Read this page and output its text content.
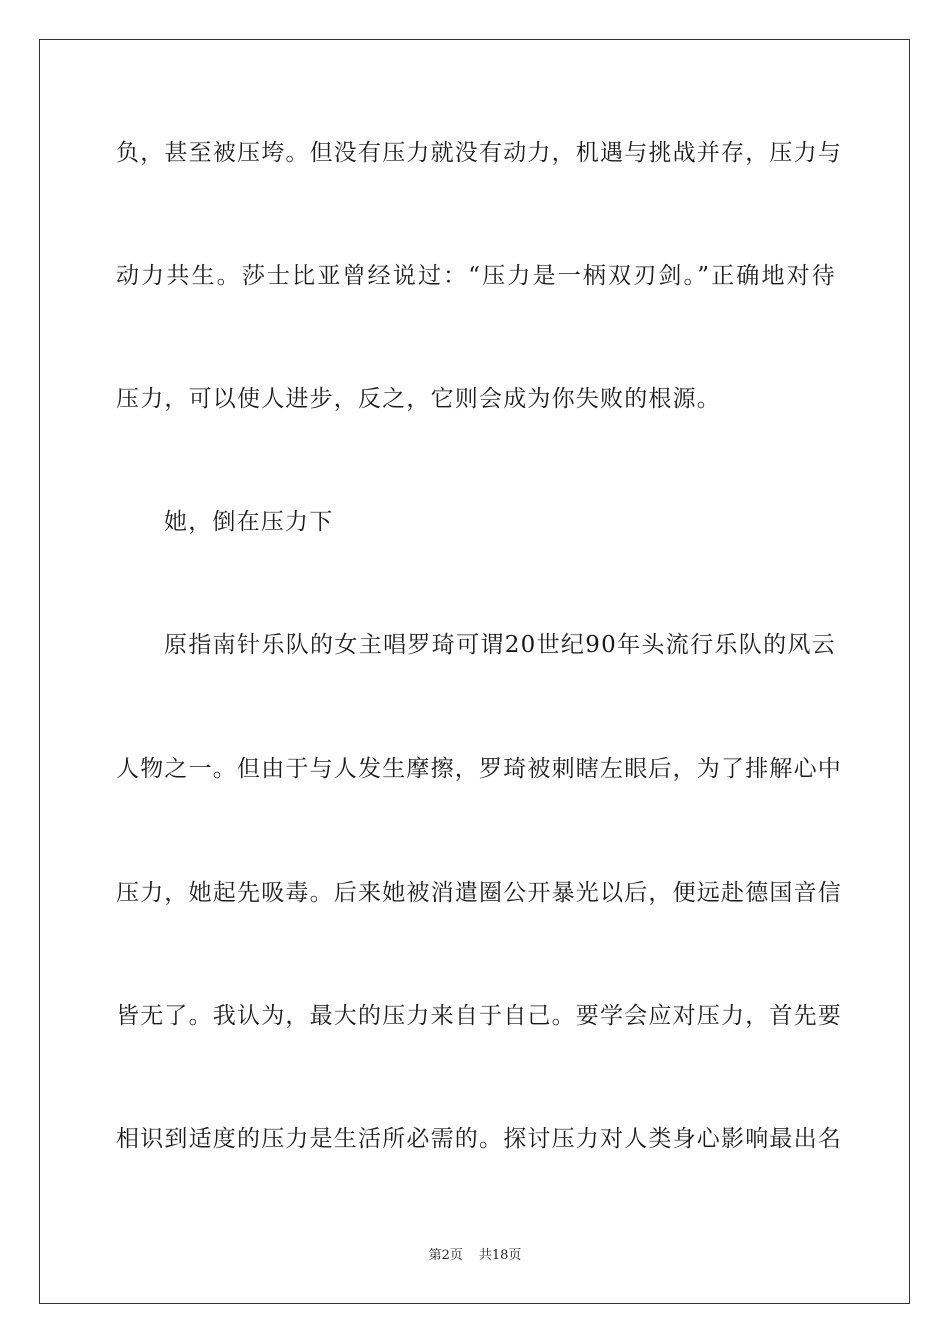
负，甚至被压垮。但没有压力就没有动力，机遇与挑战并存，压力与
动力共生。莎士比亚曾经说过：“压力是一柄双刃剑。”正确地对待
压力，可以使人进步，反之，它则会成为你失败的根源。
她，倒在压力下
原指南针乐队的女主唱罗琦可谓20世纪90年头流行乐队的风云
人物之一。但由于与人发生摩擦，罗琦被刺瞎左眼后，为了排解心中
压力，她起先吸毒。后来她被消遣圈公开暴光以后，便远赴德国音信
皆无了。我认为，最大的压力来自于自己。要学会应对压力，首先要
相识到适度的压力是生活所必需的。探讨压力对人类身心影响最出名
第2页 共18页
